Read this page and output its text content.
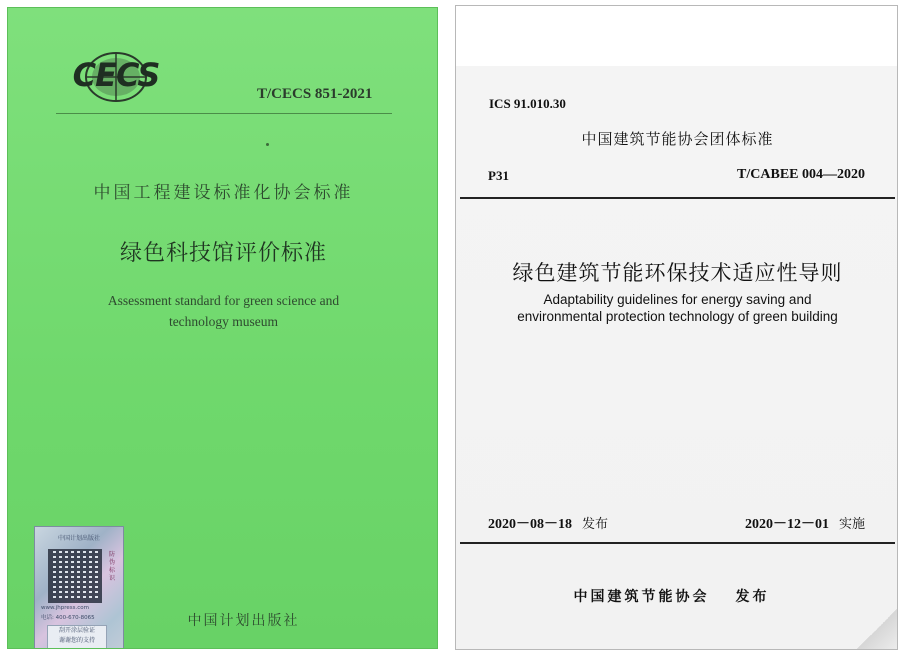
CECS	T/CECS 851-2021
中国工程建设标准化协会标准
绿色科技馆评价标准
Assessment standard for green science and
technology museum
中国计划出版社
防伪标识
www.jhpress.com
电话: 400-670-8065
刮开涂层验证
谢谢您的支持
中国计划出版社
ICS 91.010.30
中国建筑节能协会团体标准
P31	T/CABEE 004—2020
绿色建筑节能环保技术适应性导则
Adaptability guidelines for energy saving and
environmental protection technology of green building
2020－08－18 发布	2020－12－01 实施
中国建筑节能协会 发布
